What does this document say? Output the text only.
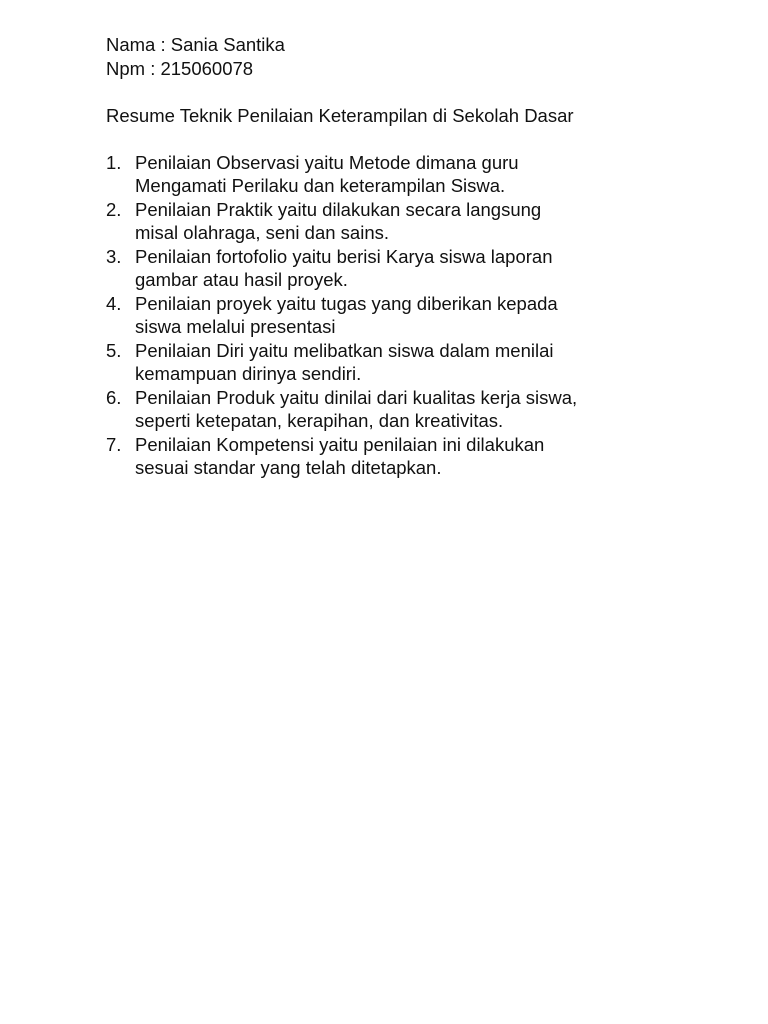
Nama : Sania Santika
Npm : 215060078
Resume Teknik Penilaian Keterampilan di Sekolah Dasar
1. Penilaian Observasi yaitu Metode dimana guru
Mengamati Perilaku dan keterampilan Siswa.
2. Penilaian Praktik yaitu dilakukan secara langsung
misal olahraga, seni dan sains.
3. Penilaian fortofolio yaitu berisi Karya siswa laporan
gambar atau hasil proyek.
4. Penilaian proyek yaitu tugas yang diberikan kepada
siswa melalui presentasi
5. Penilaian Diri yaitu melibatkan siswa dalam menilai
kemampuan dirinya sendiri.
6. Penilaian Produk yaitu dinilai dari kualitas kerja siswa,
seperti ketepatan, kerapihan, dan kreativitas.
7. Penilaian Kompetensi yaitu penilaian ini dilakukan
sesuai standar yang telah ditetapkan.
